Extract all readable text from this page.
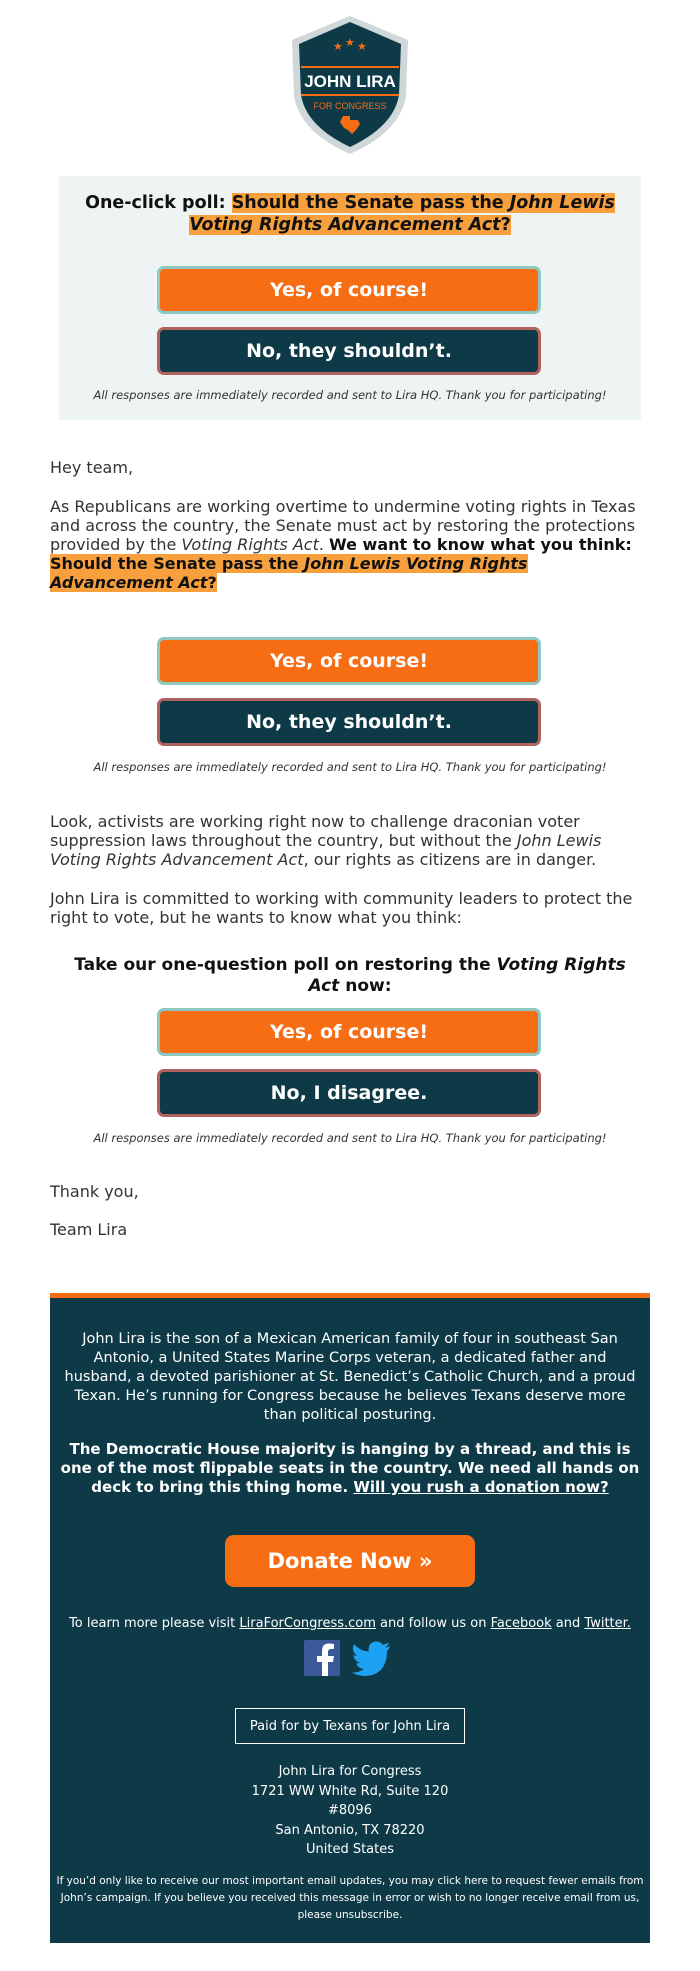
★ ★ ★
JOHN LIRA
FOR CONGRESS
One-click poll: Should the Senate pass the John Lewis Voting Rights Advancement Act?
Yes, of course!
No, they shouldn’t.
All responses are immediately recorded and sent to Lira HQ. Thank you for participating!
Hey team,
As Republicans are working overtime to undermine voting rights in Texas and across the country, the Senate must act by restoring the protections provided by the Voting Rights Act. We want to know what you think: Should the Senate pass the John Lewis Voting Rights Advancement Act?
Yes, of course!
No, they shouldn’t.
All responses are immediately recorded and sent to Lira HQ. Thank you for participating!
Look, activists are working right now to challenge draconian voter suppression laws throughout the country, but without the John Lewis Voting Rights Advancement Act, our rights as citizens are in danger.
John Lira is committed to working with community leaders to protect the right to vote, but he wants to know what you think:
Take our one-question poll on restoring the Voting Rights Act now:
Yes, of course!
No, I disagree.
All responses are immediately recorded and sent to Lira HQ. Thank you for participating!
Thank you,
Team Lira
John Lira is the son of a Mexican American family of four in southeast San Antonio, a United States Marine Corps veteran, a dedicated father and husband, a devoted parishioner at St. Benedict’s Catholic Church, and a proud Texan. He’s running for Congress because he believes Texans deserve more than political posturing.
The Democratic House majority is hanging by a thread, and this is one of the most flippable seats in the country. We need all hands on deck to bring this thing home. Will you rush a donation now?
Donate Now »
To learn more please visit LiraForCongress.com and follow us on Facebook and Twitter.
Paid for by Texans for John Lira
John Lira for Congress
1721 WW White Rd, Suite 120
#8096
San Antonio, TX 78220
United States
If you’d only like to receive our most important email updates, you may click here to request fewer emails from John’s campaign. If you believe you received this message in error or wish to no longer receive email from us, please unsubscribe.
